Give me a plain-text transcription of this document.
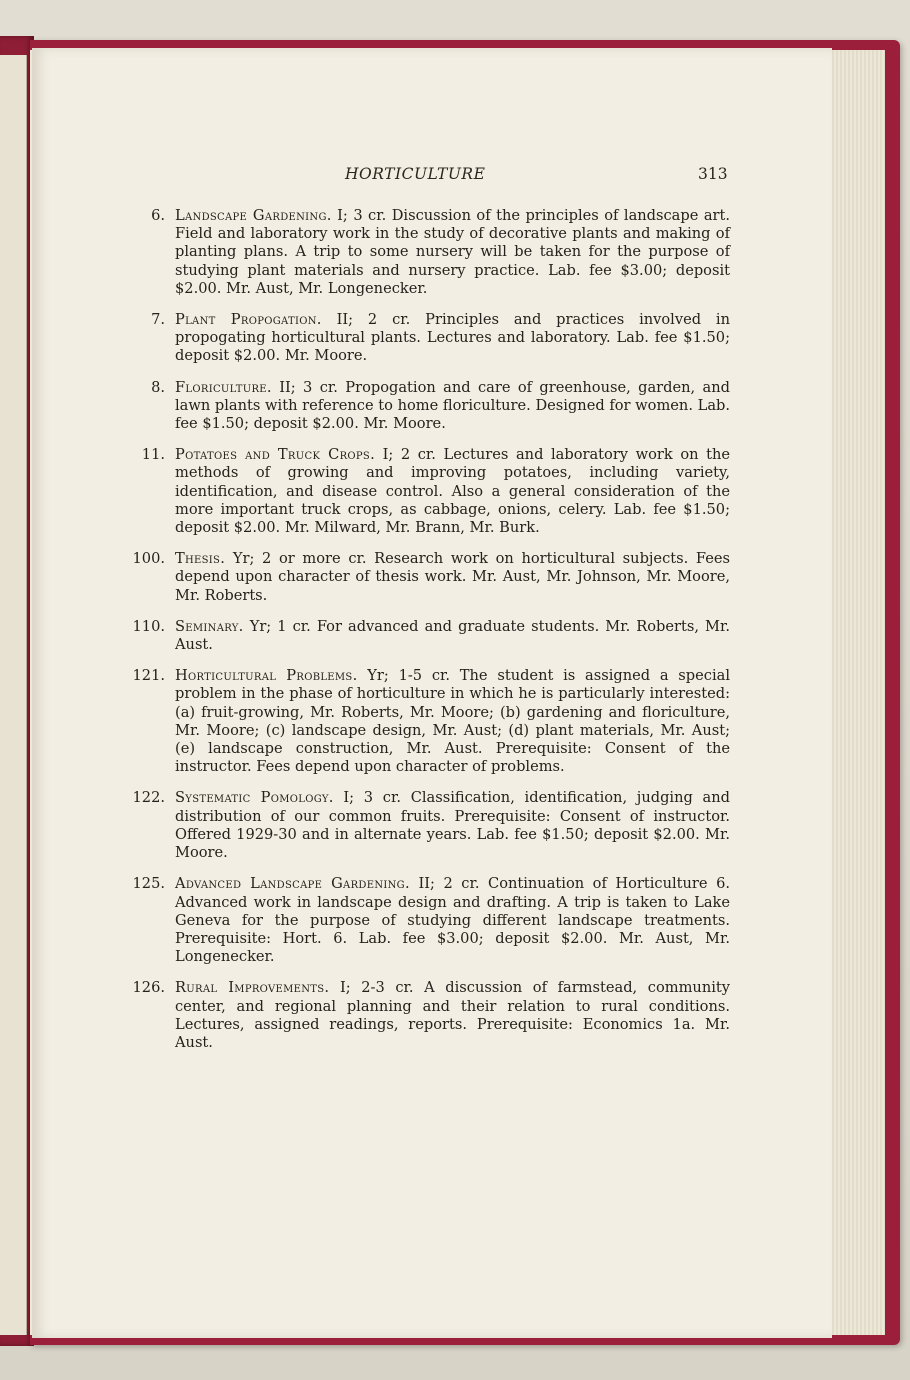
HORTICULTURE	313
6. Landscape Gardening. I; 3 cr. Discussion of the principles of landscape art. Field and laboratory work in the study of decorative plants and making of planting plans. A trip to some nursery will be taken for the purpose of studying plant materials and nursery practice. Lab. fee $3.00; deposit $2.00. Mr. Aust, Mr. Longenecker.
7. Plant Propogation. II; 2 cr. Principles and practices involved in propogating horticultural plants. Lectures and laboratory. Lab. fee $1.50; deposit $2.00. Mr. Moore.
8. Floriculture. II; 3 cr. Propogation and care of greenhouse, garden, and lawn plants with reference to home floriculture. Designed for women. Lab. fee $1.50; deposit $2.00. Mr. Moore.
11. Potatoes and Truck Crops. I; 2 cr. Lectures and laboratory work on the methods of growing and improving potatoes, including variety, identification, and disease control. Also a general consideration of the more important truck crops, as cabbage, onions, celery. Lab. fee $1.50; deposit $2.00. Mr. Milward, Mr. Brann, Mr. Burk.
100. Thesis. Yr; 2 or more cr. Research work on horticultural subjects. Fees depend upon character of thesis work. Mr. Aust, Mr. Johnson, Mr. Moore, Mr. Roberts.
110. Seminary. Yr; 1 cr. For advanced and graduate students. Mr. Roberts, Mr. Aust.
121. Horticultural Problems. Yr; 1-5 cr. The student is assigned a special problem in the phase of horticulture in which he is particularly interested: (a) fruit-growing, Mr. Roberts, Mr. Moore; (b) gardening and floriculture, Mr. Moore; (c) landscape design, Mr. Aust; (d) plant materials, Mr. Aust; (e) landscape construction, Mr. Aust. Prerequisite: Consent of the instructor. Fees depend upon character of problems.
122. Systematic Pomology. I; 3 cr. Classification, identification, judging and distribution of our common fruits. Prerequisite: Consent of instructor. Offered 1929-30 and in alternate years. Lab. fee $1.50; deposit $2.00. Mr. Moore.
125. Advanced Landscape Gardening. II; 2 cr. Continuation of Horticulture 6. Advanced work in landscape design and drafting. A trip is taken to Lake Geneva for the purpose of studying different landscape treatments. Prerequisite: Hort. 6. Lab. fee $3.00; deposit $2.00. Mr. Aust, Mr. Longenecker.
126. Rural Improvements. I; 2-3 cr. A discussion of farmstead, community center, and regional planning and their relation to rural conditions. Lectures, assigned readings, reports. Prerequisite: Economics 1a. Mr. Aust.
